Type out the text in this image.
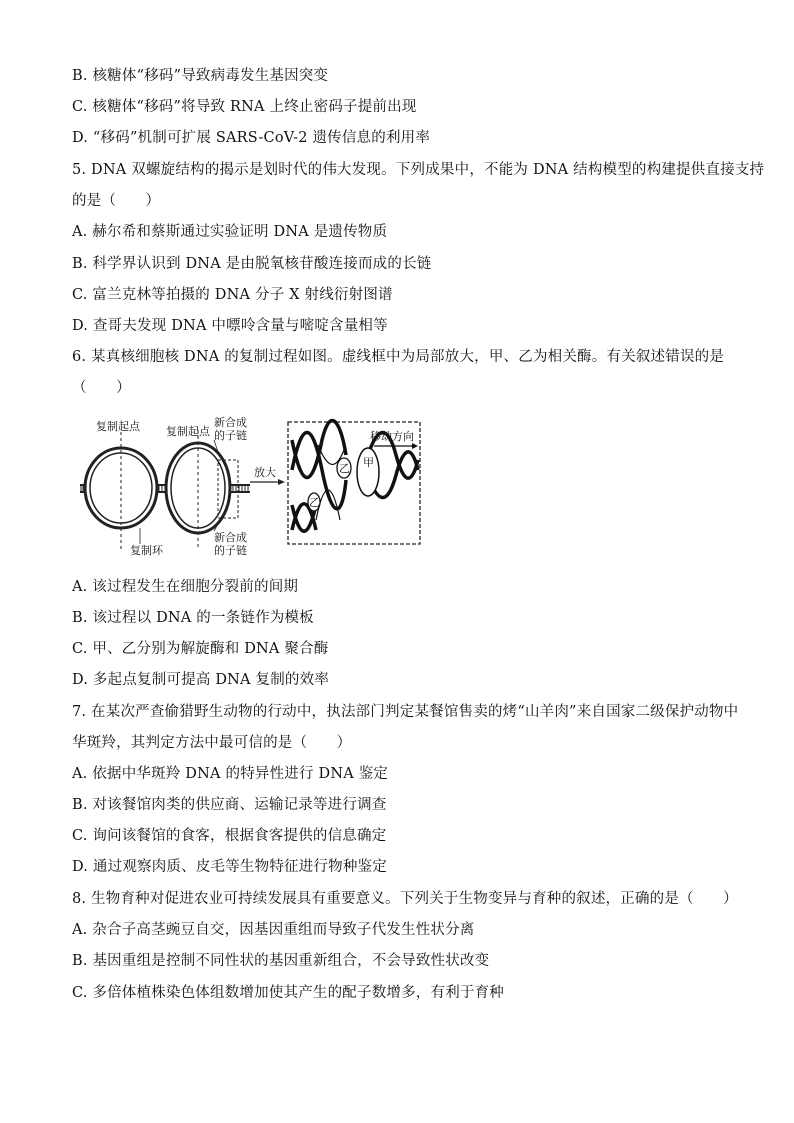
B. 核糖体“移码”导致病毒发生基因突变
C. 核糖体“移码”将导致 RNA 上终止密码子提前出现
D. “移码”机制可扩展 SARS-CoV-2 遗传信息的利用率
5. DNA 双螺旋结构的揭示是划时代的伟大发现。下列成果中，不能为 DNA 结构模型的构建提供直接支持
的是（　　）
A. 赫尔希和蔡斯通过实验证明 DNA 是遗传物质
B. 科学界认识到 DNA 是由脱氧核苷酸连接而成的长链
C. 富兰克林等拍摄的 DNA 分子 X 射线衍射图谱
D. 查哥夫发现 DNA 中嘌呤含量与嘧啶含量相等
6. 某真核细胞核 DNA 的复制过程如图。虚线框中为局部放大，甲、乙为相关酶。有关叙述错误的是
（　　）
复制起点 复制起点
新合成
的子链
新合成
的子链
复制环
放大
甲
乙
乙
移动方向
A. 该过程发生在细胞分裂前的间期
B. 该过程以 DNA 的一条链作为模板
C. 甲、乙分别为解旋酶和 DNA 聚合酶
D. 多起点复制可提高 DNA 复制的效率
7. 在某次严查偷猎野生动物的行动中，执法部门判定某餐馆售卖的烤“山羊肉”来自国家二级保护动物中
华斑羚，其判定方法中最可信的是（　　）
A. 依据中华斑羚 DNA 的特异性进行 DNA 鉴定
B. 对该餐馆肉类的供应商、运输记录等进行调查
C. 询问该餐馆的食客，根据食客提供的信息确定
D. 通过观察肉质、皮毛等生物特征进行物种鉴定
8. 生物育种对促进农业可持续发展具有重要意义。下列关于生物变异与育种的叙述，正确的是（　　）
A. 杂合子高茎豌豆自交，因基因重组而导致子代发生性状分离
B. 基因重组是控制不同性状的基因重新组合，不会导致性状改变
C. 多倍体植株染色体组数增加使其产生的配子数增多，有利于育种
